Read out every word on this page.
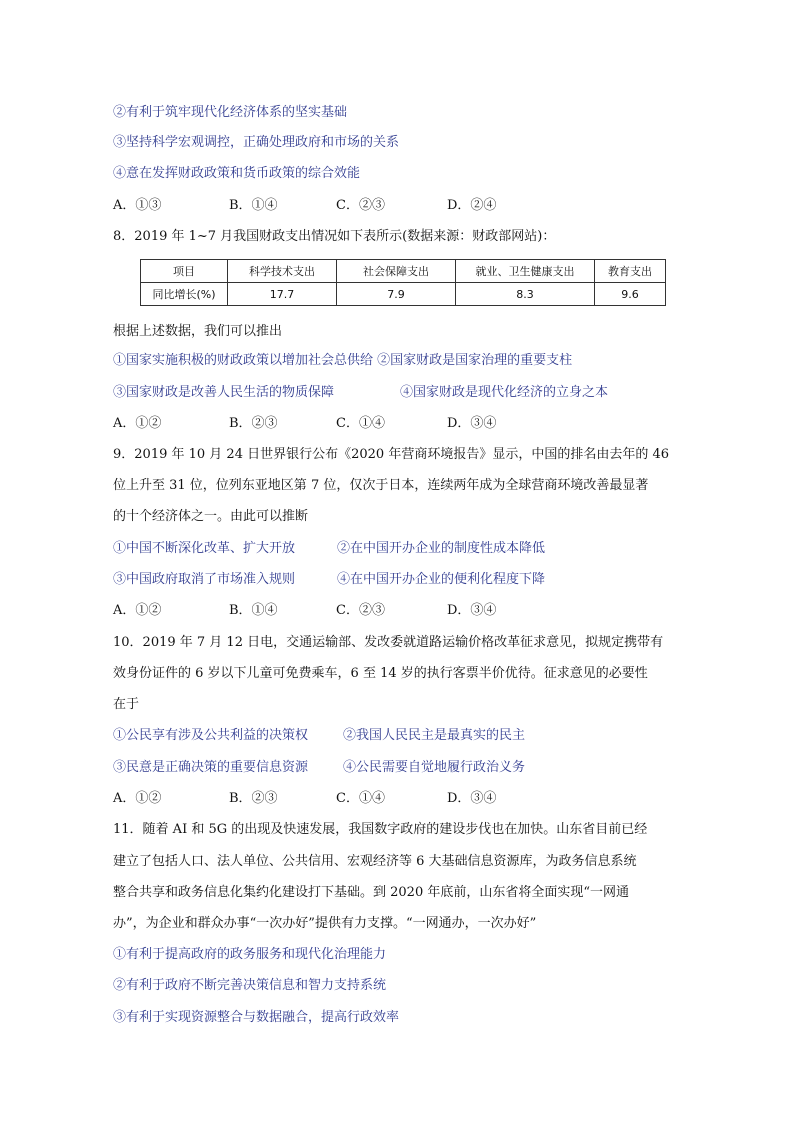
②有利于筑牢现代化经济体系的坚实基础
③坚持科学宏观调控，正确处理政府和市场的关系
④意在发挥财政政策和货币政策的综合效能
A．①③	B．①④	C．②③	D．②④
8．2019 年 1~7 月我国财政支出情况如下表所示(数据来源：财政部网站)：
项目	科学技术支出	社会保障支出	就业、卫生健康支出	教育支出
同比增长(%)	17.7	7.9	8.3	9.6
根据上述数据，我们可以推出
①国家实施积极的财政政策以增加社会总供给 ②国家财政是国家治理的重要支柱
③国家财政是改善人民生活的物质保障	④国家财政是现代化经济的立身之本
A．①②	B．②③	C．①④	D．③④
9．2019 年 10 月 24 日世界银行公布《2020 年营商环境报告》显示，中国的排名由去年的 46
位上升至 31 位，位列东亚地区第 7 位，仅次于日本，连续两年成为全球营商环境改善最显著
的十个经济体之一。由此可以推断
①中国不断深化改革、扩大开放	②在中国开办企业的制度性成本降低
③中国政府取消了市场准入规则	④在中国开办企业的便利化程度下降
A．①②	B．①④	C．②③	D．③④
10．2019 年 7 月 12 日电，交通运输部、发改委就道路运输价格改革征求意见，拟规定携带有
效身份证件的 6 岁以下儿童可免费乘车，6 至 14 岁的执行客票半价优待。征求意见的必要性
在于
①公民享有涉及公共利益的决策权	②我国人民民主是最真实的民主
③民意是正确决策的重要信息资源	④公民需要自觉地履行政治义务
A．①②	B．②③	C．①④	D．③④
11．随着 AI 和 5G 的出现及快速发展，我国数字政府的建设步伐也在加快。山东省目前已经
建立了包括人口、法人单位、公共信用、宏观经济等 6 大基础信息资源库，为政务信息系统
整合共享和政务信息化集约化建设打下基础。到 2020 年底前，山东省将全面实现“一网通
办”，为企业和群众办事“一次办好”提供有力支撑。“一网通办，一次办好”
①有利于提高政府的政务服务和现代化治理能力
②有利于政府不断完善决策信息和智力支持系统
③有利于实现资源整合与数据融合，提高行政效率
